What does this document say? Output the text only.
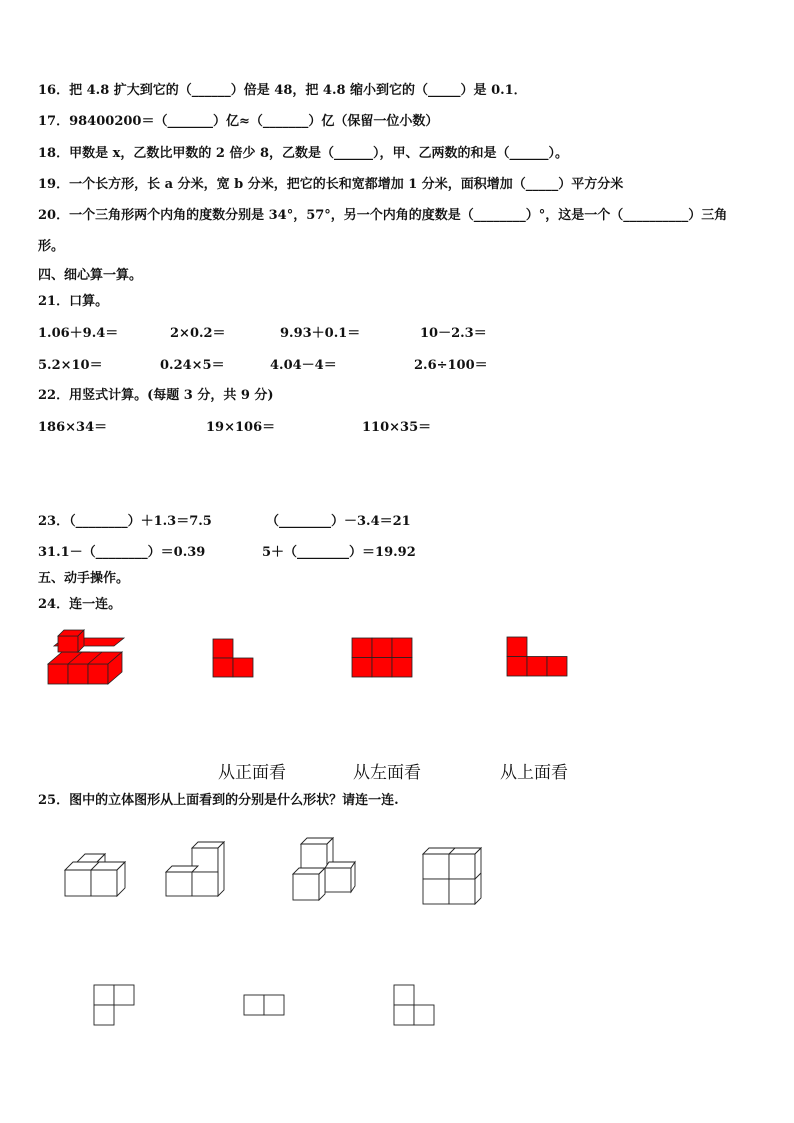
16．把 4.8 扩大到它的（______）倍是 48，把 4.8 缩小到它的（_____）是 0.1．
17．98400200＝（_______）亿≈（_______）亿（保留一位小数）
18．甲数是 x，乙数比甲数的 2 倍少 8，乙数是（______），甲、乙两数的和是（______）。
19．一个长方形，长 a 分米，宽 b 分米，把它的长和宽都增加 1 分米，面积增加（_____）平方分米
20．一个三角形两个内角的度数分别是 34°，57°，另一个内角的度数是（________）°，这是一个（__________）三角
形。
四、细心算一算。
21．口算。
1.06＋9.4＝	2×0.2＝	9.93＋0.1＝	10－2.3＝
5.2×10＝	0.24×5＝	4.04－4＝	2.6÷100＝
22．用竖式计算。(每题 3 分，共 9 分)
186×34＝	19×106＝	110×35＝
23．（________）＋1.3＝7.5	（________）－3.4＝21
31.1－（________）＝0.39	5＋（________）＝19.92
五、动手操作。
24．连一连。
从正面看	从左面看	从上面看
25．图中的立体图形从上面看到的分别是什么形状？请连一连.
